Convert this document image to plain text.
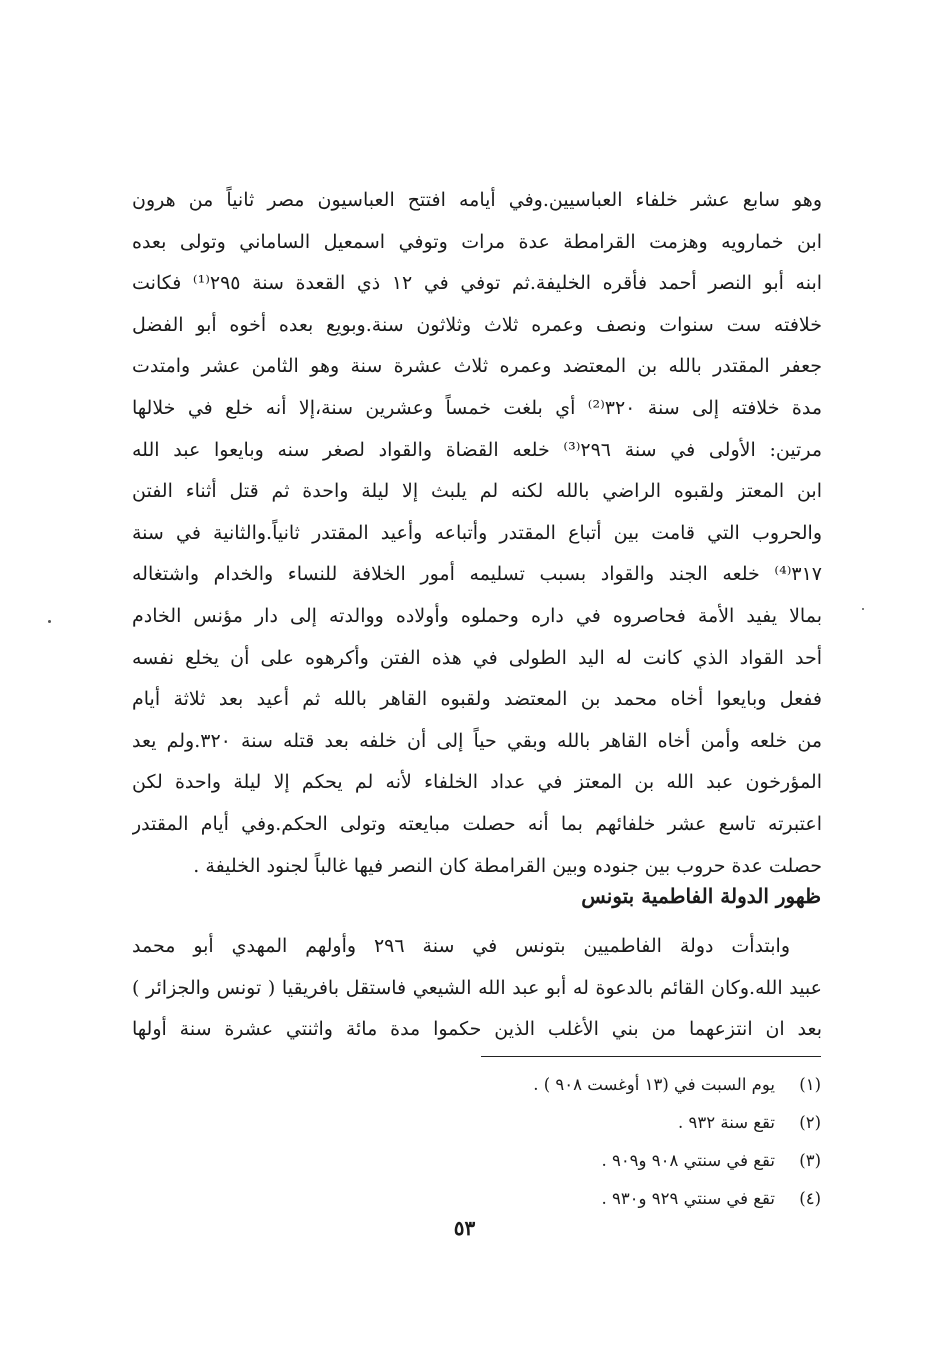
وهو سابع عشر خلفاء العباسيين.وفي أيامه افتتح العباسيون مصر ثانياً من هرون
ابن خمارويه وهزمت القرامطة عدة مرات وتوفي اسمعيل الساماني وتولى بعده
ابنه أبو النصر أحمد فأقره الخليفة.ثم توفي في ١٢ ذي القعدة سنة ٢٩٥⁽¹⁾ فكانت
خلافته ست سنوات ونصف وعمره ثلاث وثلاثون سنة.وبويع بعده أخوه أبو الفضل
جعفر المقتدر بالله بن المعتضد وعمره ثلاث عشرة سنة وهو الثامن عشر وامتدت
مدة خلافته إلى سنة ٣٢٠⁽²⁾ أي بلغت خمساً وعشرين سنة،إلا أنه خلع في خلالها
مرتين: الأولى في سنة ٢٩٦⁽³⁾ خلعه القضاة والقواد لصغر سنه وبايعوا عبد الله
ابن المعتز ولقبوه الراضي بالله لكنه لم يلبث إلا ليلة واحدة ثم قتل أثناء الفتن
والحروب التي قامت بين أتباع المقتدر وأتباعه وأعيد المقتدر ثانياً.والثانية في سنة
٣١٧⁽⁴⁾ خلعه الجند والقواد بسبب تسليمه أمور الخلافة للنساء والخدام واشتغاله
بمالا يفيد الأمة فحاصروه في داره وحملوه وأولاده ووالدته إلى دار مؤنس الخادم
أحد القواد الذي كانت له اليد الطولى في هذه الفتن وأكرهوه على أن يخلع نفسه
ففعل وبايعوا أخاه محمد بن المعتضد ولقبوه القاهر بالله ثم أعيد بعد ثلاثة أيام
من خلعه وأمن أخاه القاهر بالله وبقي حياً إلى أن خلفه بعد قتله سنة ٣٢٠.ولم يعد
المؤرخون عبد الله بن المعتز في عداد الخلفاء لأنه لم يحكم إلا ليلة واحدة لكن
اعتبرته تاسع عشر خلفائهم بما أنه حصلت مبايعته وتولى الحكم.وفي أيام المقتدر
حصلت عدة حروب بين جنوده وبين القرامطة كان النصر فيها غالباً لجنود الخليفة .
ظهور الدولة الفاطمية بتونس
وابتدأت دولة الفاطميين بتونس في سنة ٢٩٦ وأولهم المهدي أبو محمد
عبيد الله.وكان القائم بالدعوة له أبو عبد الله الشيعي فاستقل بافريقيا ( تونس والجزائر )
بعد ان انتزعهما من بني الأغلب الذين حكموا مدة مائة واثنتي عشرة سنة أولها
(١)
يوم السبت في (١٣ أوغست ٩٠٨ ) .
(٢)
تقع سنة ٩٣٢ .
(٣)
تقع في سنتي ٩٠٨ و٩٠٩ .
(٤)
تقع في سنتي ٩٢٩ و٩٣٠ .
٥٣
